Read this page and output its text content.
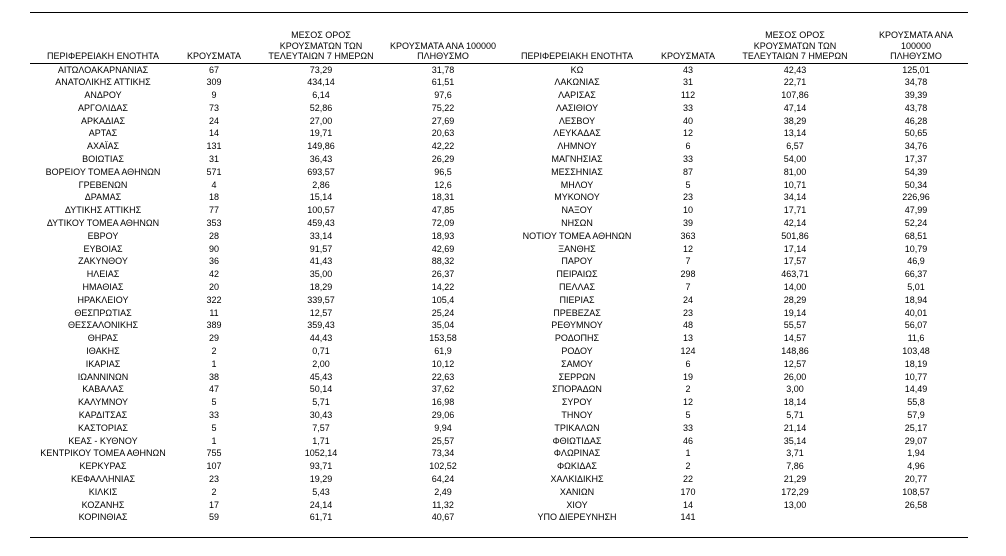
ΠΕΡΙΦΕΡΕΙΑΚΗ ΕΝΟΤΗΤΑ	ΚΡΟΥΣΜΑΤΑ	ΜΕΣΟΣ ΟΡΟΣ
ΚΡΟΥΣΜΑΤΩΝ ΤΩΝ
ΤΕΛΕΥΤΑΙΩΝ 7 ΗΜΕΡΩΝ	ΚΡΟΥΣΜΑΤΑ ΑΝΑ 100000
ΠΛΗΘΥΣΜΟ		ΠΕΡΙΦΕΡΕΙΑΚΗ ΕΝΟΤΗΤΑ	ΚΡΟΥΣΜΑΤΑ	ΜΕΣΟΣ ΟΡΟΣ
ΚΡΟΥΣΜΑΤΩΝ ΤΩΝ
ΤΕΛΕΥΤΑΙΩΝ 7 ΗΜΕΡΩΝ	ΚΡΟΥΣΜΑΤΑ ΑΝΑ 100000
ΠΛΗΘΥΣΜΟ
ΑΙΤΩΛΟΑΚΑΡΝΑΝΙΑΣ	67	73,29	31,78		ΚΩ	43	42,43	125,01
ΑΝΑΤΟΛΙΚΗΣ ΑΤΤΙΚΗΣ	309	434,14	61,51		ΛΑΚΩΝΙΑΣ	31	22,71	34,78
ΑΝΔΡΟΥ	9	6,14	97,6		ΛΑΡΙΣΑΣ	112	107,86	39,39
ΑΡΓΟΛΙΔΑΣ	73	52,86	75,22		ΛΑΣΙΘΙΟΥ	33	47,14	43,78
ΑΡΚΑΔΙΑΣ	24	27,00	27,69		ΛΕΣΒΟΥ	40	38,29	46,28
ΑΡΤΑΣ	14	19,71	20,63		ΛΕΥΚΑΔΑΣ	12	13,14	50,65
ΑΧΑΪΑΣ	131	149,86	42,22		ΛΗΜΝΟΥ	6	6,57	34,76
ΒΟΙΩΤΙΑΣ	31	36,43	26,29		ΜΑΓΝΗΣΙΑΣ	33	54,00	17,37
ΒΟΡΕΙΟΥ ΤΟΜΕΑ ΑΘΗΝΩΝ	571	693,57	96,5		ΜΕΣΣΗΝΙΑΣ	87	81,00	54,39
ΓΡΕΒΕΝΩΝ	4	2,86	12,6		ΜΗΛΟΥ	5	10,71	50,34
ΔΡΑΜΑΣ	18	15,14	18,31		ΜΥΚΟΝΟΥ	23	34,14	226,96
ΔΥΤΙΚΗΣ ΑΤΤΙΚΗΣ	77	100,57	47,85		ΝΑΞΟΥ	10	17,71	47,99
ΔΥΤΙΚΟΥ ΤΟΜΕΑ ΑΘΗΝΩΝ	353	459,43	72,09		ΝΗΣΩΝ	39	42,14	52,24
ΕΒΡΟΥ	28	33,14	18,93		ΝΟΤΙΟΥ ΤΟΜΕΑ ΑΘΗΝΩΝ	363	501,86	68,51
ΕΥΒΟΙΑΣ	90	91,57	42,69		ΞΑΝΘΗΣ	12	17,14	10,79
ΖΑΚΥΝΘΟΥ	36	41,43	88,32		ΠΑΡΟΥ	7	17,57	46,9
ΗΛΕΙΑΣ	42	35,00	26,37		ΠΕΙΡΑΙΩΣ	298	463,71	66,37
ΗΜΑΘΙΑΣ	20	18,29	14,22		ΠΕΛΛΑΣ	7	14,00	5,01
ΗΡΑΚΛΕΙΟΥ	322	339,57	105,4		ΠΙΕΡΙΑΣ	24	28,29	18,94
ΘΕΣΠΡΩΤΙΑΣ	11	12,57	25,24		ΠΡΕΒΕΖΑΣ	23	19,14	40,01
ΘΕΣΣΑΛΟΝΙΚΗΣ	389	359,43	35,04		ΡΕΘΥΜΝΟΥ	48	55,57	56,07
ΘΗΡΑΣ	29	44,43	153,58		ΡΟΔΟΠΗΣ	13	14,57	11,6
ΙΘΑΚΗΣ	2	0,71	61,9		ΡΟΔΟΥ	124	148,86	103,48
ΙΚΑΡΙΑΣ	1	2,00	10,12		ΣΑΜΟΥ	6	12,57	18,19
ΙΩΑΝΝΙΝΩΝ	38	45,43	22,63		ΣΕΡΡΩΝ	19	26,00	10,77
ΚΑΒΑΛΑΣ	47	50,14	37,62		ΣΠΟΡΑΔΩΝ	2	3,00	14,49
ΚΑΛΥΜΝΟΥ	5	5,71	16,98		ΣΥΡΟΥ	12	18,14	55,8
ΚΑΡΔΙΤΣΑΣ	33	30,43	29,06		ΤΗΝΟΥ	5	5,71	57,9
ΚΑΣΤΟΡΙΑΣ	5	7,57	9,94		ΤΡΙΚΑΛΩΝ	33	21,14	25,17
ΚΕΑΣ - ΚΥΘΝΟΥ	1	1,71	25,57		ΦΘΙΩΤΙΔΑΣ	46	35,14	29,07
ΚΕΝΤΡΙΚΟΥ ΤΟΜΕΑ ΑΘΗΝΩΝ	755	1052,14	73,34		ΦΛΩΡΙΝΑΣ	1	3,71	1,94
ΚΕΡΚΥΡΑΣ	107	93,71	102,52		ΦΩΚΙΔΑΣ	2	7,86	4,96
ΚΕΦΑΛΛΗΝΙΑΣ	23	19,29	64,24		ΧΑΛΚΙΔΙΚΗΣ	22	21,29	20,77
ΚΙΛΚΙΣ	2	5,43	2,49		ΧΑΝΙΩΝ	170	172,29	108,57
ΚΟΖΑΝΗΣ	17	24,14	11,32		ΧΙΟΥ	14	13,00	26,58
ΚΟΡΙΝΘΙΑΣ	59	61,71	40,67		ΥΠΟ ΔΙΕΡΕΥΝΗΣΗ	141		
